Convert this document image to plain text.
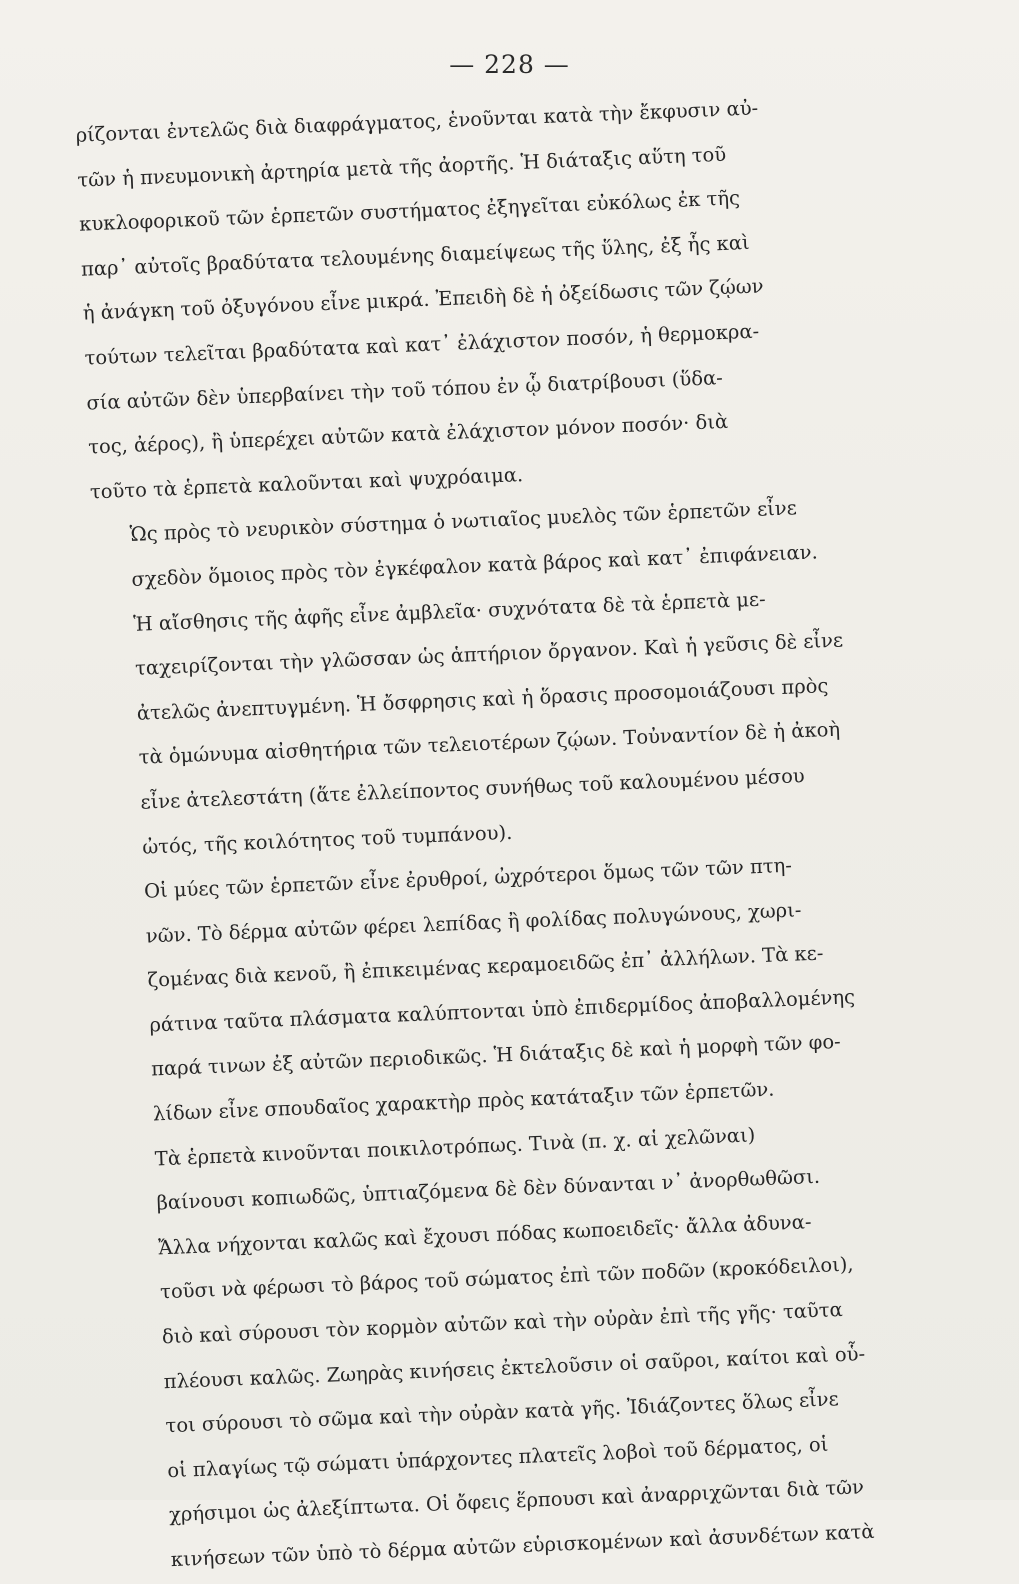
— 228 —

ρίζονται ἐντελῶς διὰ διαφράγματος, ἑνοῦνται κατὰ τὴν ἔκφυσιν αὐ-
τῶν ἡ πνευμονικὴ ἀρτηρία μετὰ τῆς ἀορτῆς. Ἡ διάταξις αὕτη τοῦ
κυκλοφορικοῦ τῶν ἑρπετῶν συστήματος ἐξηγεῖται εὐκόλως ἐκ τῆς
παρ᾽ αὐτοῖς βραδύτατα τελουμένης διαμείψεως τῆς ὕλης, ἐξ ἧς καὶ
ἡ ἀνάγκη τοῦ ὀξυγόνου εἶνε μικρά. Ἐπειδὴ δὲ ἡ ὀξείδωσις τῶν ζῴων
τούτων τελεῖται βραδύτατα καὶ κατ᾽ ἐλάχιστον ποσόν, ἡ θερμοκρα-
σία αὐτῶν δὲν ὑπερβαίνει τὴν τοῦ τόπου ἐν ᾧ διατρίβουσι (ὕδα-
τος, ἀέρος), ἢ ὑπερέχει αὐτῶν κατὰ ἐλάχιστον μόνον ποσόν· διὰ
τοῦτο τὰ ἑρπετὰ καλοῦνται καὶ ψυχρόαιμα.

Ὡς πρὸς τὸ νευρικὸν σύστημα ὁ νωτιαῖος μυελὸς τῶν ἑρπετῶν εἶνε
σχεδὸν ὅμοιος πρὸς τὸν ἐγκέφαλον κατὰ βάρος καὶ κατ᾽ ἐπιφάνειαν.

Ἡ αἴσθησις τῆς ἀφῆς εἶνε ἀμβλεῖα· συχνότατα δὲ τὰ ἑρπετὰ με-
ταχειρίζονται τὴν γλῶσσαν ὡς ἁπτήριον ὄργανον. Καὶ ἡ γεῦσις δὲ εἶνε
ἀτελῶς ἀνεπτυγμένη. Ἡ ὄσφρησις καὶ ἡ ὅρασις προσομοιάζουσι πρὸς
τὰ ὁμώνυμα αἰσθητήρια τῶν τελειοτέρων ζῴων. Τοὐναντίον δὲ ἡ ἀκοὴ
εἶνε ἀτελεστάτη (ἅτε ἐλλείποντος συνήθως τοῦ καλουμένου μέσου
ὠτός, τῆς κοιλότητος τοῦ τυμπάνου).

Οἱ μύες τῶν ἑρπετῶν εἶνε ἐρυθροί, ὠχρότεροι ὅμως τῶν τῶν πτη-
νῶν. Τὸ δέρμα αὐτῶν φέρει λεπίδας ἢ φολίδας πολυγώνους, χωρι-
ζομένας διὰ κενοῦ, ἢ ἐπικειμένας κεραμοειδῶς ἐπ᾽ ἀλλήλων. Τὰ κε-
ράτινα ταῦτα πλάσματα καλύπτονται ὑπὸ ἐπιδερμίδος ἀποβαλλομένης
παρά τινων ἐξ αὐτῶν περιοδικῶς. Ἡ διάταξις δὲ καὶ ἡ μορφὴ τῶν φο-
λίδων εἶνε σπουδαῖος χαρακτὴρ πρὸς κατάταξιν τῶν ἑρπετῶν.

Τὰ ἑρπετὰ κινοῦνται ποικιλοτρόπως. Τινὰ (π. χ. αἱ χελῶναι)
βαίνουσι κοπιωδῶς, ὑπτιαζόμενα δὲ δὲν δύνανται ν᾽ ἀνορθωθῶσι.
Ἄλλα νήχονται καλῶς καὶ ἔχουσι πόδας κωποειδεῖς· ἄλλα ἀδυνα-
τοῦσι νὰ φέρωσι τὸ βάρος τοῦ σώματος ἐπὶ τῶν ποδῶν (κροκόδειλοι),
διὸ καὶ σύρουσι τὸν κορμὸν αὐτῶν καὶ τὴν οὐρὰν ἐπὶ τῆς γῆς· ταῦτα
πλέουσι καλῶς. Ζωηρὰς κινήσεις ἐκτελοῦσιν οἱ σαῦροι, καίτοι καὶ οὗ-
τοι σύρουσι τὸ σῶμα καὶ τὴν οὐρὰν κατὰ γῆς. Ἰδιάζοντες ὅλως εἶνε
οἱ πλαγίως τῷ σώματι ὑπάρχοντες πλατεῖς λοβοὶ τοῦ δέρματος, οἱ
χρήσιμοι ὡς ἀλεξίπτωτα. Οἱ ὄφεις ἕρπουσι καὶ ἀναρριχῶνται διὰ τῶν
κινήσεων τῶν ὑπὸ τὸ δέρμα αὐτῶν εὑρισκομένων καὶ ἀσυνδέτων κατὰ
